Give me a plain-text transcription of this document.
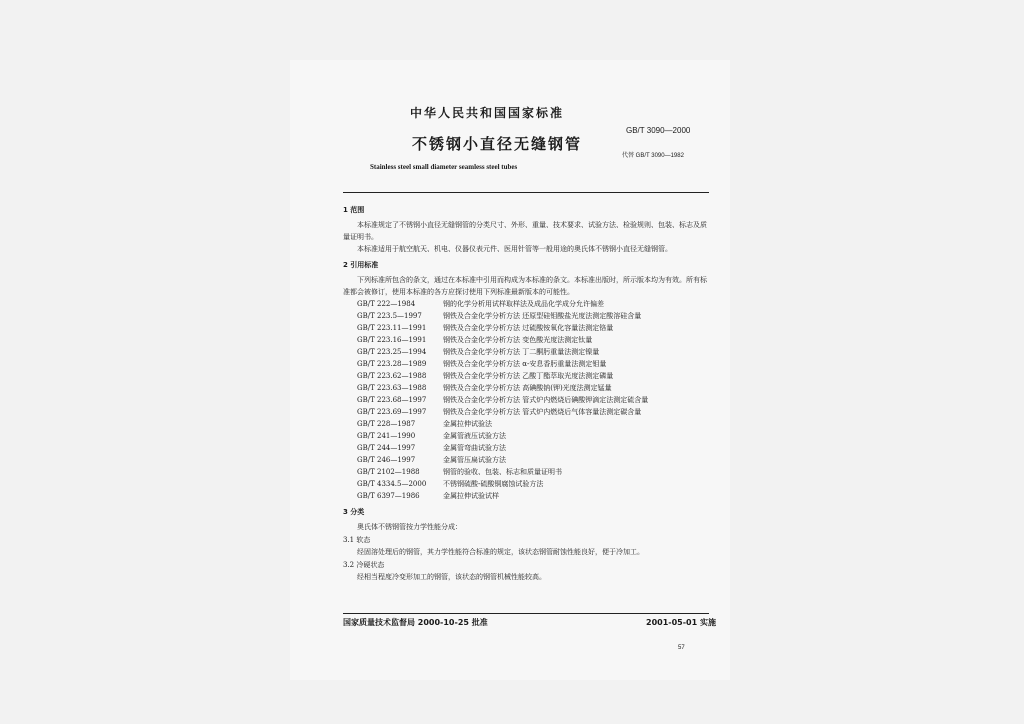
中华人民共和国国家标准
GB/T 3090—2000
不锈钢小直径无缝钢管
代替 GB/T 3090—1982
Stainless steel small diameter seamless steel tubes
1 范围
本标准规定了不锈钢小直径无缝钢管的分类尺寸、外形、重量、技术要求、试验方法、检验规则、包装、标志及质量证明书。
本标准适用于航空航天、机电、仪器仪表元件、医用针管等一般用途的奥氏体不锈钢小直径无缝钢管。
2 引用标准
下列标准所包含的条文，通过在本标准中引用而构成为本标准的条文。本标准出版时，所示版本均为有效。所有标准都会被修订，使用本标准的各方应探讨使用下列标准最新版本的可能性。
GB/T 222—1984	钢的化学分析用试样取样法及成品化学成分允许偏差
GB/T 223.5—1997	钢铁及合金化学分析方法 还原型硅钼酸盐光度法测定酸溶硅含量
GB/T 223.11—1991	钢铁及合金化学分析方法 过硫酸铵氧化容量法测定铬量
GB/T 223.16—1991	钢铁及合金化学分析方法 变色酸光度法测定钛量
GB/T 223.25—1994	钢铁及合金化学分析方法 丁二酮肟重量法测定镍量
GB/T 223.28—1989	钢铁及合金化学分析方法 α-安息香肟重量法测定钼量
GB/T 223.62—1988	钢铁及合金化学分析方法 乙酸丁酯萃取光度法测定磷量
GB/T 223.63—1988	钢铁及合金化学分析方法 高碘酸钠(钾)光度法测定锰量
GB/T 223.68—1997	钢铁及合金化学分析方法 管式炉内燃烧后碘酸钾滴定法测定硫含量
GB/T 223.69—1997	钢铁及合金化学分析方法 管式炉内燃烧后气体容量法测定碳含量
GB/T 228—1987	金属拉伸试验法
GB/T 241—1990	金属管液压试验方法
GB/T 244—1997	金属管弯曲试验方法
GB/T 246—1997	金属管压扁试验方法
GB/T 2102—1988	钢管的验收、包装、标志和质量证明书
GB/T 4334.5—2000	不锈钢硫酸-硫酸铜腐蚀试验方法
GB/T 6397—1986	金属拉伸试验试样
3 分类
奥氏体不锈钢管按力学性能分成：
3.1 软态
经固溶处理后的钢管，其力学性能符合标准的规定，该状态钢管耐蚀性能良好，便于冷加工。
3.2 冷硬状态
经相当程度冷变形加工的钢管，该状态的钢管机械性能较高。
国家质量技术监督局 2000-10-25 批准	2001-05-01 实施
57
